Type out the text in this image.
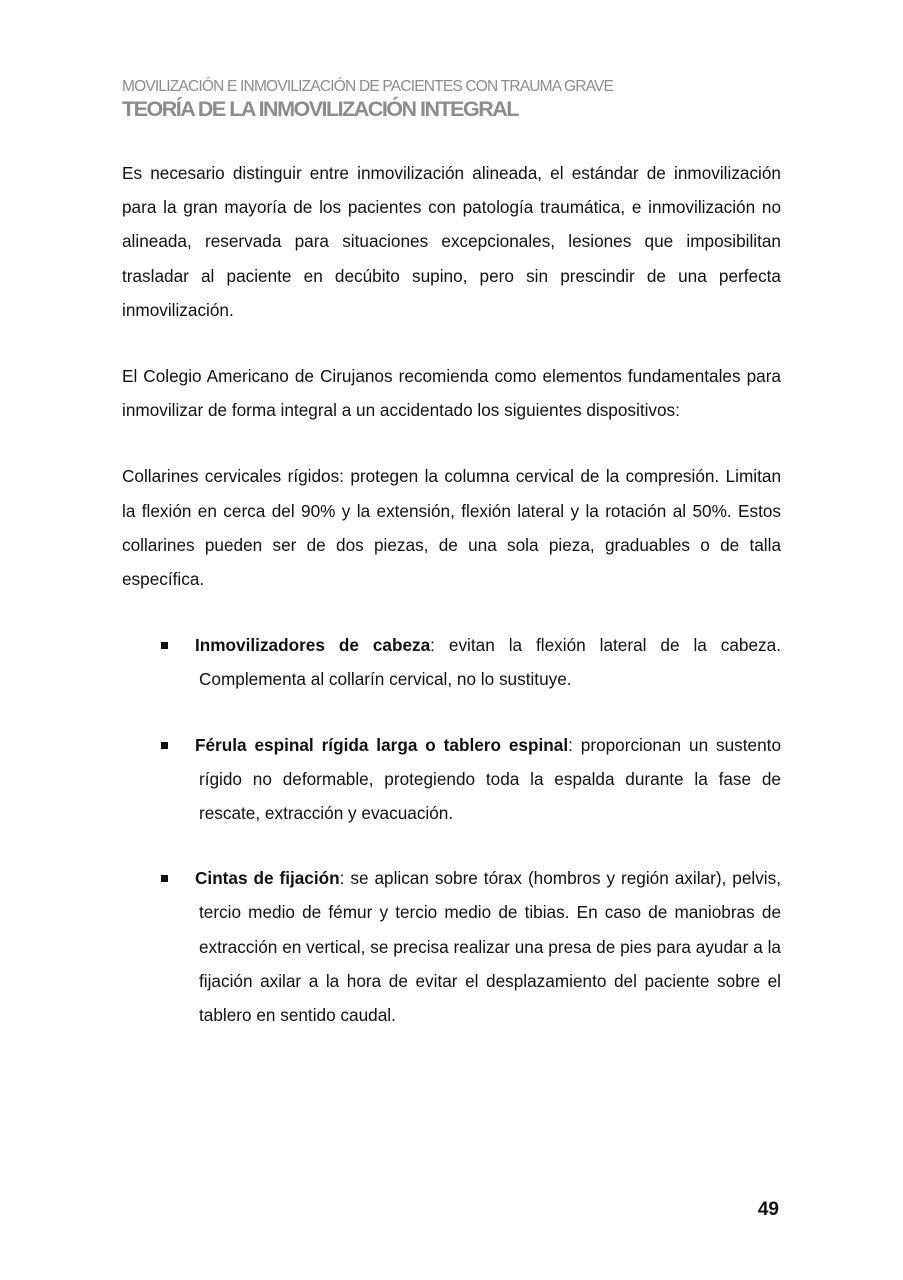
MOVILIZACIÓN E INMOVILIZACIÓN DE PACIENTES CON TRAUMA GRAVE
TEORÍA DE LA INMOVILIZACIÓN INTEGRAL

Es necesario distinguir entre inmovilización alineada, el estándar de inmovilización para la gran mayoría de los pacientes con patología traumática, e inmovilización no alineada, reservada para situaciones excepcionales, lesiones que imposibilitan trasladar al paciente en decúbito supino, pero sin prescindir de una perfecta inmovilización.

El Colegio Americano de Cirujanos recomienda como elementos fundamentales para inmovilizar de forma integral a un accidentado los siguientes dispositivos:

Collarines cervicales rígidos: protegen la columna cervical de la compresión. Limitan la flexión en cerca del 90% y la extensión, flexión lateral y la rotación al 50%. Estos collarines pueden ser de dos piezas, de una sola pieza, graduables o de talla específica.

Inmovilizadores de cabeza: evitan la flexión lateral de la cabeza. Complementa al collarín cervical, no lo sustituye.
Férula espinal rígida larga o tablero espinal: proporcionan un sustento rígido no deformable, protegiendo toda la espalda durante la fase de rescate, extracción y evacuación.
Cintas de fijación: se aplican sobre tórax (hombros y región axilar), pelvis, tercio medio de fémur y tercio medio de tibias. En caso de maniobras de extracción en vertical, se precisa realizar una presa de pies para ayudar a la fijación axilar a la hora de evitar el desplazamiento del paciente sobre el tablero en sentido caudal.
49
